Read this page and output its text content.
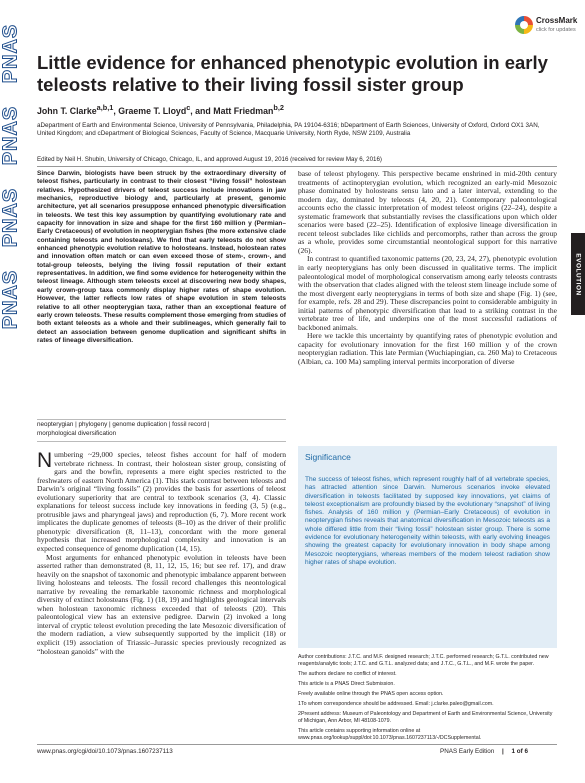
PNAS
PNAS
PNAS
PNAS	EVOLUTION
CrossMark
click for updates
Little evidence for enhanced phenotypic evolution in early teleosts relative to their living fossil sister group
John T. Clarke$^{a,b,1}$, Graeme T. Lloyd$^c$, and Matt Friedman$^{b,2}$
aDepartment of Earth and Environmental Science, University of Pennsylvania, Philadelphia, PA 19104-6316; bDepartment of Earth Sciences, University of Oxford, Oxford OX1 3AN, United Kingdom; and cDepartment of Biological Sciences, Faculty of Science, Macquarie University, North Ryde, NSW 2109, Australia
Edited by Neil H. Shubin, University of Chicago, Chicago, IL, and approved August 19, 2016 (received for review May 6, 2016)
Since Darwin, biologists have been struck by the extraordinary diversity of teleost fishes, particularly in contrast to their closest “living fossil” holostean relatives. Hypothesized drivers of teleost success include innovations in jaw mechanics, reproductive biology and, particularly at present, genomic architecture, yet all scenarios presuppose enhanced phenotypic diversification in teleosts. We test this key assumption by quantifying evolutionary rate and capacity for innovation in size and shape for the first 160 million y (Permian–Early Cretaceous) of evolution in neopterygian fishes (the more extensive clade containing teleosts and holosteans). We find that early teleosts do not show enhanced phenotypic evolution relative to holosteans. Instead, holostean rates and innovation often match or can even exceed those of stem-, crown-, and total-group teleosts, belying the living fossil reputation of their extant representatives. In addition, we find some evidence for heterogeneity within the teleost lineage. Although stem teleosts excel at discovering new body shapes, early crown-group taxa commonly display higher rates of shape evolution. However, the latter reflects low rates of shape evolution in stem teleosts relative to all other neopterygian taxa, rather than an exceptional feature of early crown teleosts. These results complement those emerging from studies of both extant teleosts as a whole and their sublineages, which generally fail to detect an association between genome duplication and significant shifts in rates of lineage diversification.
neopterygian | phylogeny | genome duplication | fossil record |
morphological diversification

Numbering ~29,000 species, teleost fishes account for half of modern vertebrate richness. In contrast, their holostean sister group, consisting of gars and the bowfin, represents a mere eight species restricted to the freshwaters of eastern North America (1). This stark contrast between teleosts and Darwin’s original “living fossils” (2) provides the basis for assertions of teleost evolutionary superiority that are central to textbook scenarios (3, 4). Classic explanations for teleost success include key innovations in feeding (3, 5) (e.g., protrusible jaws and pharyngeal jaws) and reproduction (6, 7). More recent work implicates the duplicate genomes of teleosts (8–10) as the driver of their prolific phenotypic diversification (8, 11–13), concordant with the more general hypothesis that increased morphological complexity and innovation is an expected consequence of genome duplication (14, 15).

Most arguments for enhanced phenotypic evolution in teleosts have been asserted rather than demonstrated (8, 11, 12, 15, 16; but see ref. 17), and draw heavily on the snapshot of taxonomic and phenotypic imbalance apparent between living holosteans and teleosts. The fossil record challenges this neontological narrative by revealing the remarkable taxonomic richness and morphological diversity of extinct holosteans (Fig. 1) (18, 19) and highlights geological intervals when holostean taxonomic richness exceeded that of teleosts (20). This paleontological view has an extensive pedigree. Darwin (2) invoked a long interval of cryptic teleost evolution preceding the late Mesozoic diversification of the modern radiation, a view subsequently supported by the implicit (18) or explicit (19) association of Triassic–Jurassic species previously recognized as “holostean ganoids” with the

base of teleost phylogeny. This perspective became enshrined in mid-20th century treatments of actinopterygian evolution, which recognized an early-mid Mesozoic phase dominated by holosteans sensu lato and a later interval, extending to the modern day, dominated by teleosts (4, 20, 21). Contemporary paleontological accounts echo the classic interpretation of modest teleost origins (22–24), despite a systematic framework that substantially revises the classifications upon which older scenarios were based (22–25). Identification of explosive lineage diversification in recent teleost subclades like cichlids and percomorphs, rather than across the group as a whole, provides some circumstantial neontological support for this narrative (26).

In contrast to quantified taxonomic patterns (20, 23, 24, 27), phenotypic evolution in early neopterygians has only been discussed in qualitative terms. The implicit paleontological model of morphological conservatism among early teleosts contrasts with the observation that clades aligned with the teleost stem lineage include some of the most divergent early neopterygians in terms of both size and shape (Fig. 1) (see, for example, refs. 28 and 29). These discrepancies point to considerable ambiguity in initial patterns of phenotypic diversification that lead to a striking contrast in the vertebrate tree of life, and underpins one of the most successful radiations of backboned animals.

Here we tackle this uncertainty by quantifying rates of phenotypic evolution and capacity for evolutionary innovation for the first 160 million y of the crown neopterygian radiation. This late Permian (Wuchiapingian, ca. 260 Ma) to Cretaceous (Albian, ca. 100 Ma) sampling interval permits incorporation of diverse

Significance
The success of teleost fishes, which represent roughly half of all vertebrate species, has attracted attention since Darwin. Numerous scenarios invoke elevated diversification in teleosts facilitated by supposed key innovations, yet claims of teleost exceptionalism are profoundly biased by the evolutionary “snapshot” of living fishes. Analysis of 160 million y (Permian–Early Cretaceous) of evolution in neopterygian fishes reveals that anatomical diversification in Mesozoic teleosts as a whole differed little from their “living fossil” holostean sister group. There is some evidence for evolutionary heterogeneity within teleosts, with early evolving lineages showing the greatest capacity for evolutionary innovation in body shape among Mesozoic neopterygians, whereas members of the modern teleost radiation show higher rates of shape evolution.

Author contributions: J.T.C. and M.F. designed research; J.T.C. performed research; G.T.L. contributed new reagents/analytic tools; J.T.C. and G.T.L. analyzed data; and J.T.C., G.T.L., and M.F. wrote the paper.

The authors declare no conflict of interest.

This article is a PNAS Direct Submission.

Freely available online through the PNAS open access option.

1To whom correspondence should be addressed. Email: j.clarke.paleo@gmail.com.

2Present address: Museum of Paleontology and Department of Earth and Environmental Science, University of Michigan, Ann Arbor, MI 48108-1079.

This article contains supporting information online at www.pnas.org/lookup/suppl/doi:10.1073/pnas.1607237113/-/DCSupplemental.

www.pnas.org/cgi/doi/10.1073/pnas.1607237113	PNAS Early Edition | 1 of 6
